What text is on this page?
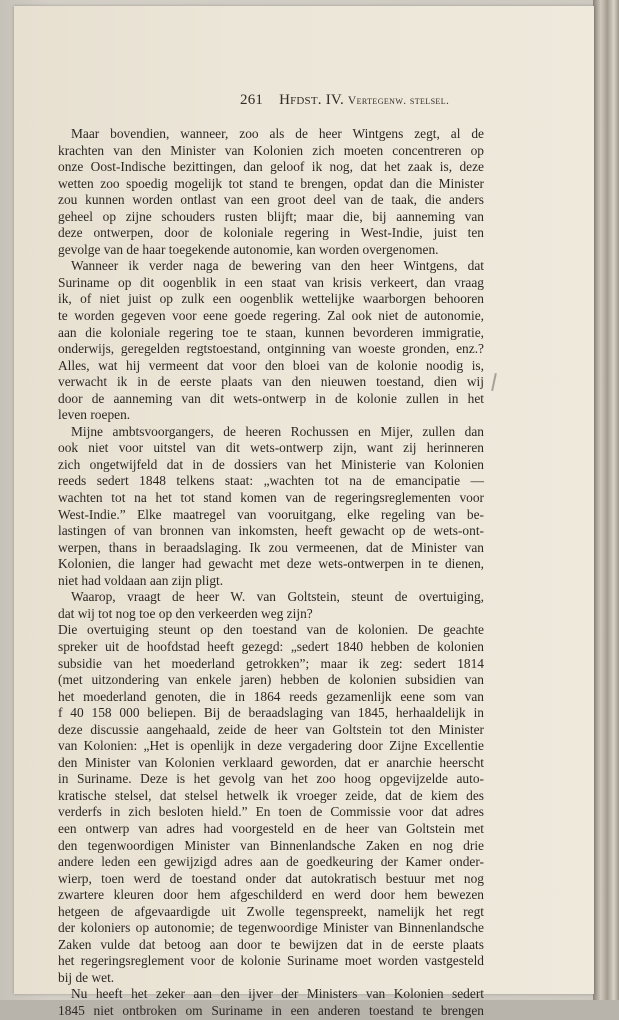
261 Hfdst. IV. Vertegenw. stelsel.
Maar bovendien, wanneer, zoo als de heer Wintgens zegt, al de
krachten van den Minister van Kolonien zich moeten concentreren op
onze Oost-Indische bezittingen, dan geloof ik nog, dat het zaak is, deze
wetten zoo spoedig mogelijk tot stand te brengen, opdat dan die Minister
zou kunnen worden ontlast van een groot deel van de taak, die anders
geheel op zijne schouders rusten blijft; maar die, bij aanneming van
deze ontwerpen, door de koloniale regering in West-Indie, juist ten
gevolge van de haar toegekende autonomie, kan worden overgenomen.
Wanneer ik verder naga de bewering van den heer Wintgens, dat
Suriname op dit oogenblik in een staat van krisis verkeert, dan vraag
ik, of niet juist op zulk een oogenblik wettelijke waarborgen behooren
te worden gegeven voor eene goede regering. Zal ook niet de autonomie,
aan die koloniale regering toe te staan, kunnen bevorderen immigratie,
onderwijs, geregelden regtstoestand, ontginning van woeste gronden, enz.?
Alles, wat hij vermeent dat voor den bloei van de kolonie noodig is,
verwacht ik in de eerste plaats van den nieuwen toestand, dien wij
door de aanneming van dit wets-ontwerp in de kolonie zullen in het
leven roepen.
Mijne ambtsvoorgangers, de heeren Rochussen en Mijer, zullen dan
ook niet voor uitstel van dit wets-ontwerp zijn, want zij herinneren
zich ongetwijfeld dat in de dossiers van het Ministerie van Kolonien
reeds sedert 1848 telkens staat: „wachten tot na de emancipatie —
wachten tot na het tot stand komen van de regeringsreglementen voor
West-Indie.” Elke maatregel van vooruitgang, elke regeling van be-
lastingen of van bronnen van inkomsten, heeft gewacht op de wets-ont-
werpen, thans in beraadslaging. Ik zou vermeenen, dat de Minister van
Kolonien, die langer had gewacht met deze wets-ontwerpen in te dienen,
niet had voldaan aan zijn pligt.
Waarop, vraagt de heer W. van Goltstein, steunt de overtuiging,
dat wij tot nog toe op den verkeerden weg zijn?
Die overtuiging steunt op den toestand van de kolonien. De geachte
spreker uit de hoofdstad heeft gezegd: „sedert 1840 hebben de kolonien
subsidie van het moederland getrokken”; maar ik zeg: sedert 1814
(met uitzondering van enkele jaren) hebben de kolonien subsidien van
het moederland genoten, die in 1864 reeds gezamenlijk eene som van
f 40 158 000 beliepen. Bij de beraadslaging van 1845, herhaaldelijk in
deze discussie aangehaald, zeide de heer van Goltstein tot den Minister
van Kolonien: „Het is openlijk in deze vergadering door Zijne Excellentie
den Minister van Kolonien verklaard geworden, dat er anarchie heerscht
in Suriname. Deze is het gevolg van het zoo hoog opgevijzelde auto-
kratische stelsel, dat stelsel hetwelk ik vroeger zeide, dat de kiem des
verderfs in zich besloten hield.” En toen de Commissie voor dat adres
een ontwerp van adres had voorgesteld en de heer van Goltstein met
den tegenwoordigen Minister van Binnenlandsche Zaken en nog drie
andere leden een gewijzigd adres aan de goedkeuring der Kamer onder-
wierp, toen werd de toestand onder dat autokratisch bestuur met nog
zwartere kleuren door hem afgeschilderd en werd door hem bewezen
hetgeen de afgevaardigde uit Zwolle tegenspreekt, namelijk het regt
der koloniers op autonomie; de tegenwoordige Minister van Binnenlandsche
Zaken vulde dat betoog aan door te bewijzen dat in de eerste plaats
het regeringsreglement voor de kolonie Suriname moet worden vastgesteld
bij de wet.
Nu heeft het zeker aan den ijver der Ministers van Kolonien sedert
1845 niet ontbroken om Suriname in een anderen toestand te brengen
